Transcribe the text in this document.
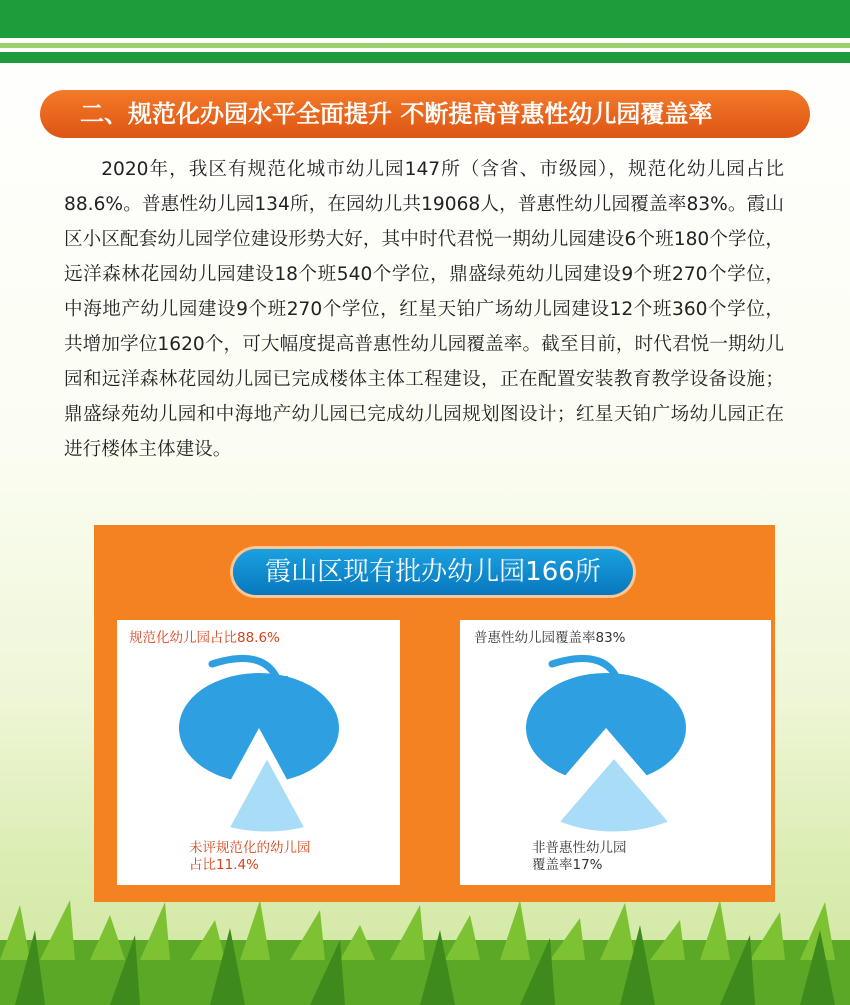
二、规范化办园水平全面提升 不断提高普惠性幼儿园覆盖率

2020年，我区有规范化城市幼儿园147所（含省、市级园），规范化幼儿园占比 88.6%。普惠性幼儿园134所，在园幼儿共19068人，普惠性幼儿园覆盖率83%。霞山区小区配套幼儿园学位建设形势大好，其中时代君悦一期幼儿园建设6个班180个学位，远洋森林花园幼儿园建设18个班540个学位，鼎盛绿苑幼儿园建设9个班270个学位，中海地产幼儿园建设9个班270个学位，红星天铂广场幼儿园建设12个班360个学位，共增加学位1620个，可大幅度提高普惠性幼儿园覆盖率。截至目前，时代君悦一期幼儿园和远洋森林花园幼儿园已完成楼体主体工程建设，正在配置安装教育教学设备设施；鼎盛绿苑幼儿园和中海地产幼儿园已完成幼儿园规划图设计；红星天铂广场幼儿园正在进行楼体主体建设。

霞山区现有批办幼儿园166所
规范化幼儿园占比88.6%
未评规范化的幼儿园占比11.4%
普惠性幼儿园覆盖率83%
非普惠性幼儿园覆盖率17%
